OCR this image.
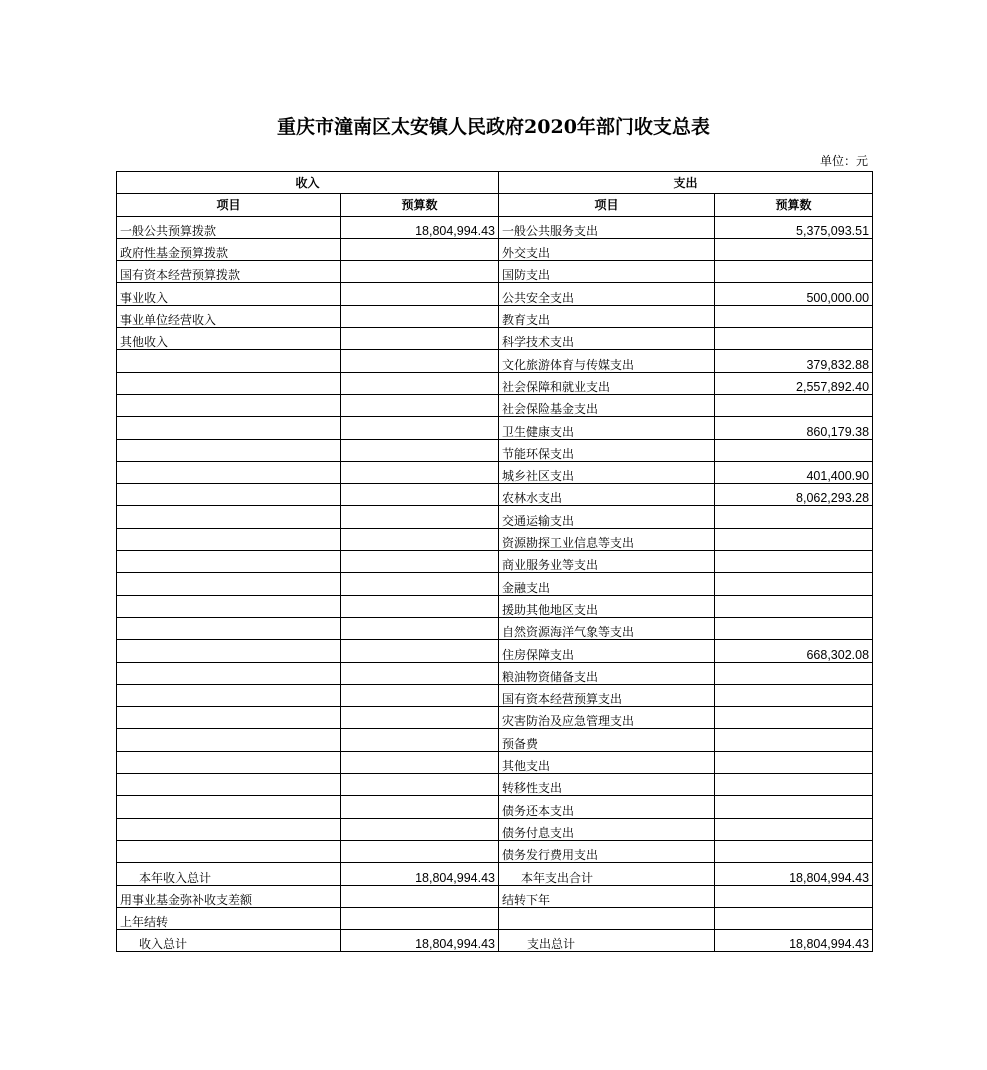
重庆市潼南区太安镇人民政府2020年部门收支总表
单位：元
收入		支出	
项目	预算数	项目	预算数
一般公共预算拨款	18,804,994.43	一般公共服务支出	5,375,093.51
政府性基金预算拨款		外交支出	
国有资本经营预算拨款		国防支出	
事业收入		公共安全支出	500,000.00
事业单位经营收入		教育支出	
其他收入		科学技术支出	
		文化旅游体育与传媒支出	379,832.88
		社会保障和就业支出	2,557,892.40
		社会保险基金支出	
		卫生健康支出	860,179.38
		节能环保支出	
		城乡社区支出	401,400.90
		农林水支出	8,062,293.28
		交通运输支出	
		资源勘探工业信息等支出	
		商业服务业等支出	
		金融支出	
		援助其他地区支出	
		自然资源海洋气象等支出	
		住房保障支出	668,302.08
		粮油物资储备支出	
		国有资本经营预算支出	
		灾害防治及应急管理支出	
		预备费	
		其他支出	
		转移性支出	
		债务还本支出	
		债务付息支出	
		债务发行费用支出	
本年收入总计	18,804,994.43	本年支出合计	18,804,994.43
用事业基金弥补收支差额		结转下年	
上年结转			
收入总计	18,804,994.43	支出总计	18,804,994.43
